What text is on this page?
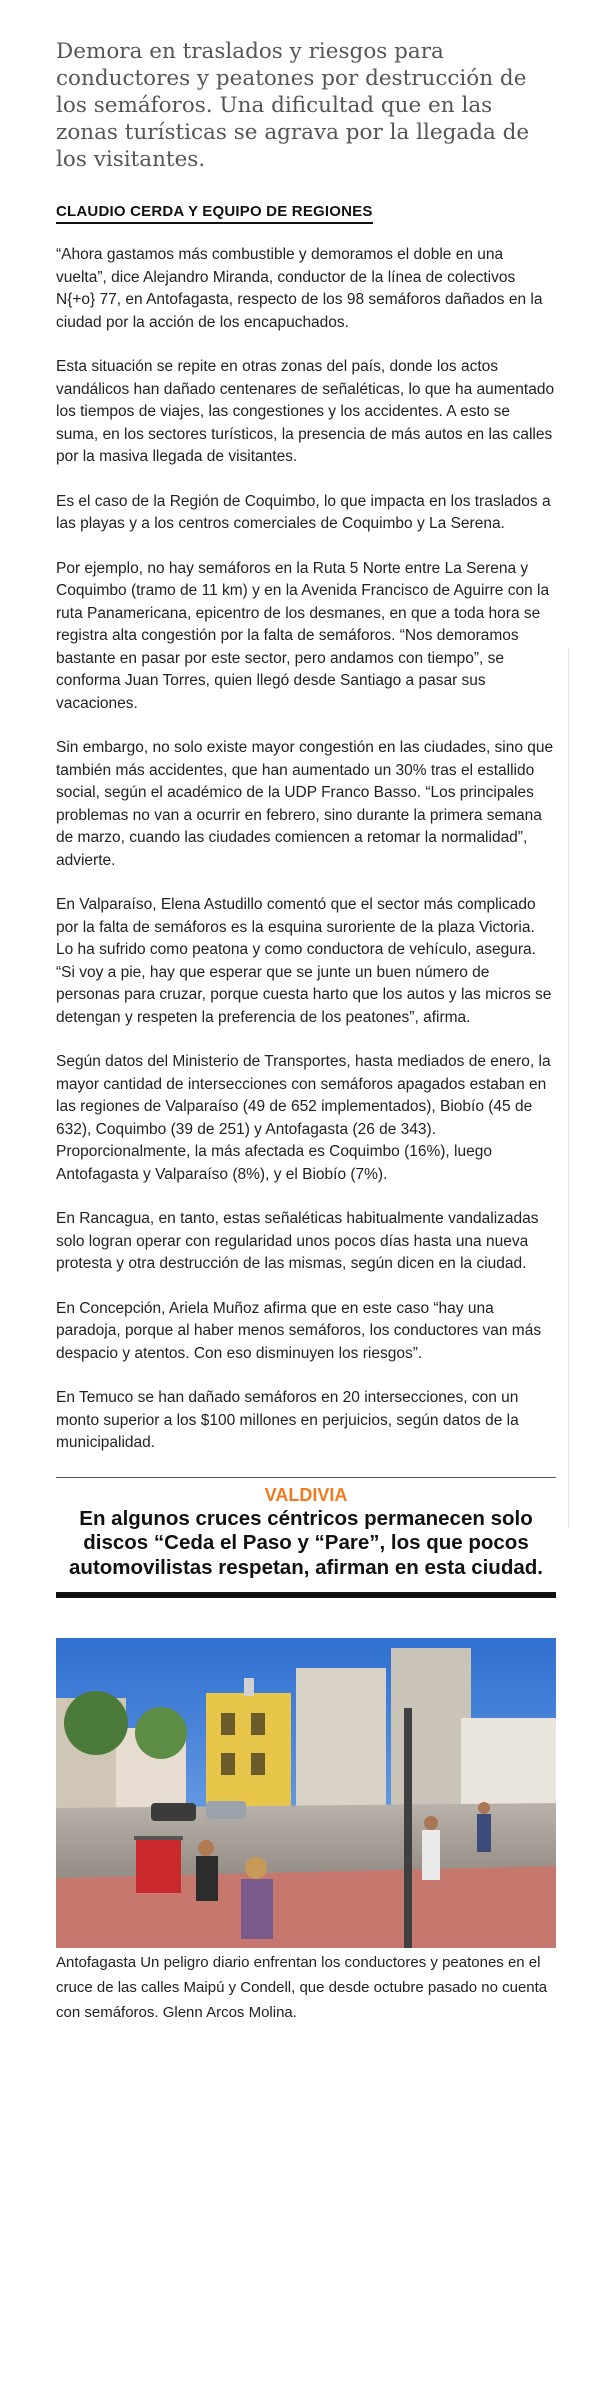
Demora en traslados y riesgos para conductores y peatones por destrucción de los semáforos. Una dificultad que en las zonas turísticas se agrava por la llegada de los visitantes.

CLAUDIO CERDA Y EQUIPO DE REGIONES

“Ahora gastamos más combustible y demoramos el doble en una vuelta”, dice Alejandro Miranda, conductor de la línea de colectivos N{+o} 77, en Antofagasta, respecto de los 98 semáforos dañados en la ciudad por la acción de los encapuchados.

Esta situación se repite en otras zonas del país, donde los actos vandálicos han dañado centenares de señaléticas, lo que ha aumentado los tiempos de viajes, las congestiones y los accidentes. A esto se suma, en los sectores turísticos, la presencia de más autos en las calles por la masiva llegada de visitantes.

Es el caso de la Región de Coquimbo, lo que impacta en los traslados a las playas y a los centros comerciales de Coquimbo y La Serena.

Por ejemplo, no hay semáforos en la Ruta 5 Norte entre La Serena y Coquimbo (tramo de 11 km) y en la Avenida Francisco de Aguirre con la ruta Panamericana, epicentro de los desmanes, en que a toda hora se registra alta congestión por la falta de semáforos. “Nos demoramos bastante en pasar por este sector, pero andamos con tiempo”, se conforma Juan Torres, quien llegó desde Santiago a pasar sus vacaciones.

Sin embargo, no solo existe mayor congestión en las ciudades, sino que también más accidentes, que han aumentado un 30% tras el estallido social, según el académico de la UDP Franco Basso. “Los principales problemas no van a ocurrir en febrero, sino durante la primera semana de marzo, cuando las ciudades comiencen a retomar la normalidad”, advierte.

En Valparaíso, Elena Astudillo comentó que el sector más complicado por la falta de semáforos es la esquina suroriente de la plaza Victoria. Lo ha sufrido como peatona y como conductora de vehículo, asegura. “Si voy a pie, hay que esperar que se junte un buen número de personas para cruzar, porque cuesta harto que los autos y las micros se detengan y respeten la preferencia de los peatones”, afirma.

Según datos del Ministerio de Transportes, hasta mediados de enero, la mayor cantidad de intersecciones con semáforos apagados estaban en las regiones de Valparaíso (49 de 652 implementados), Biobío (45 de 632), Coquimbo (39 de 251) y Antofagasta (26 de 343). Proporcionalmente, la más afectada es Coquimbo (16%), luego Antofagasta y Valparaíso (8%), y el Biobío (7%).

En Rancagua, en tanto, estas señaléticas habitualmente vandalizadas solo logran operar con regularidad unos pocos días hasta una nueva protesta y otra destrucción de las mismas, según dicen en la ciudad.

En Concepción, Ariela Muñoz afirma que en este caso “hay una paradoja, porque al haber menos semáforos, los conductores van más despacio y atentos. Con eso disminuyen los riesgos”.

En Temuco se han dañado semáforos en 20 intersecciones, con un monto superior a los $100 millones en perjuicios, según datos de la municipalidad.

VALDIVIA
En algunos cruces céntricos permanecen solo discos “Ceda el Paso y “Pare”, los que pocos automovilistas respetan, afirman en esta ciudad.

Antofagasta Un peligro diario enfrentan los conductores y peatones en el cruce de las calles Maipú y Condell, que desde octubre pasado no cuenta con semáforos. Glenn Arcos Molina.
